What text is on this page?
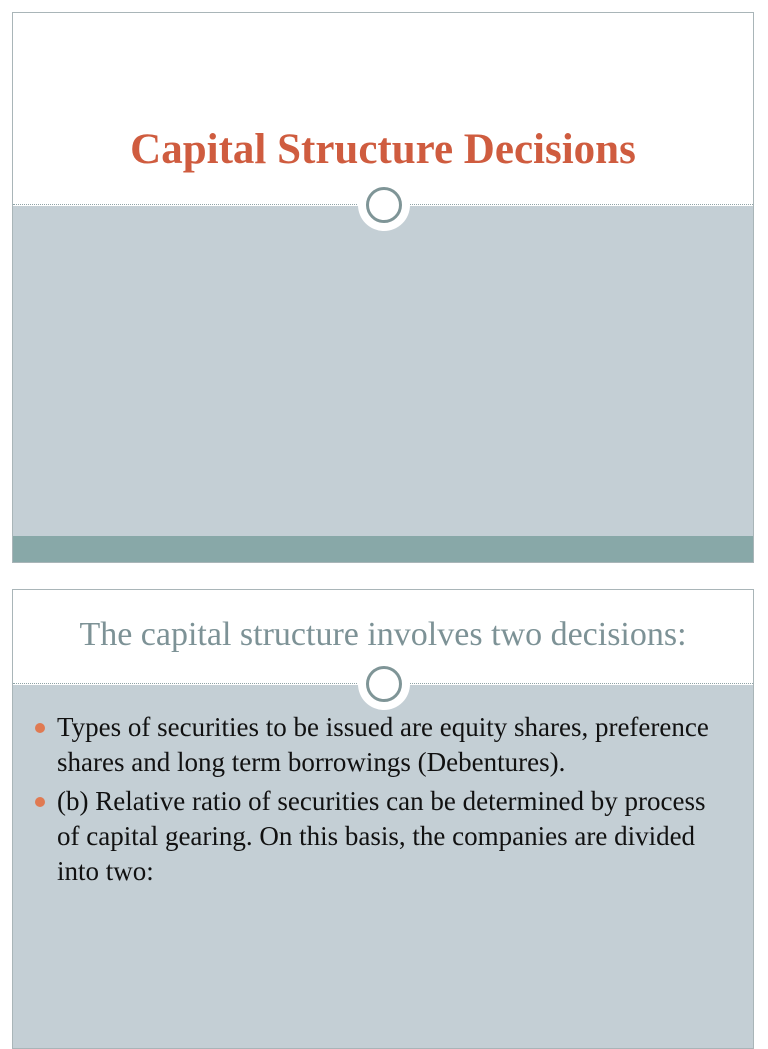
Capital Structure Decisions
The capital structure involves two decisions:
Types of securities to be issued are equity shares, preference shares and long term borrowings (Debentures).
(b) Relative ratio of securities can be determined by process of capital gearing. On this basis, the companies are divided into two:
